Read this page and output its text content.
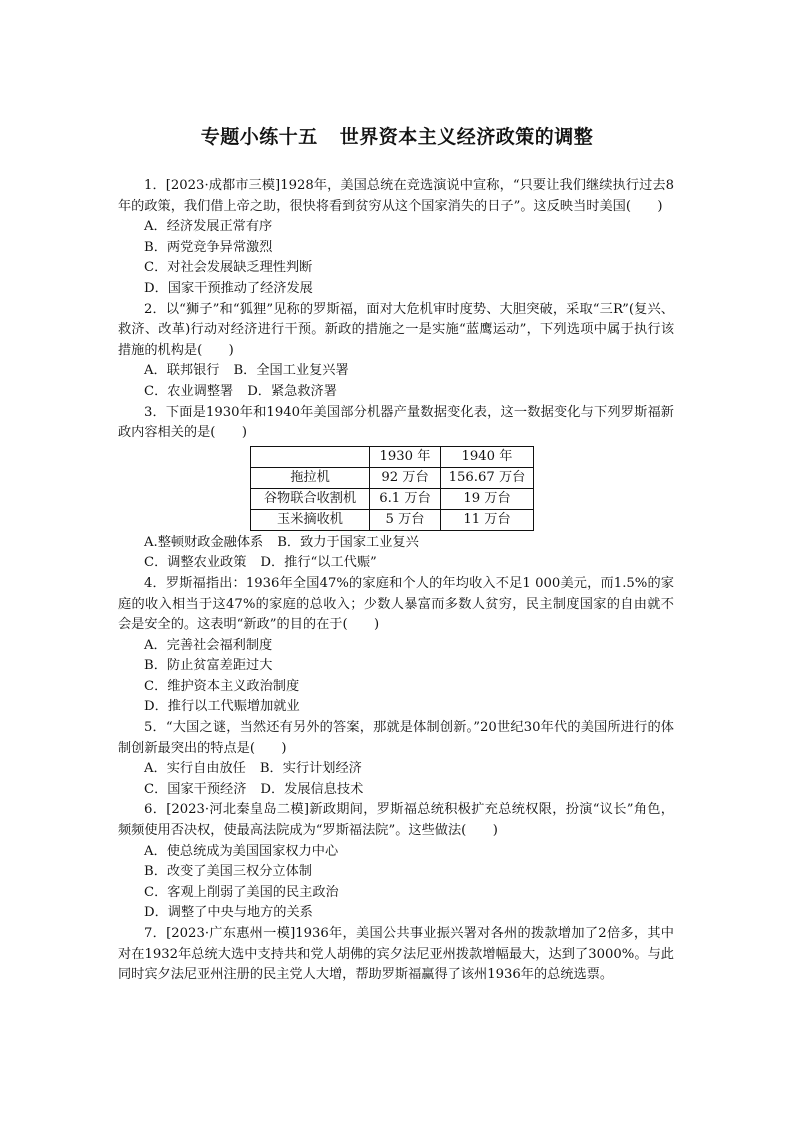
专题小练十五 世界资本主义经济政策的调整

1．[2023·成都市三模]1928年，美国总统在竞选演说中宣称，“只要让我们继续执行过去8年的政策，我们借上帝之助，很快将看到贫穷从这个国家消失的日子”。这反映当时美国(　　)

A．经济发展正常有序

B．两党竞争异常激烈

C．对社会发展缺乏理性判断

D．国家干预推动了经济发展

2．以“狮子”和“狐狸”见称的罗斯福，面对大危机审时度势、大胆突破，采取“三R”(复兴、救济、改革)行动对经济进行干预。新政的措施之一是实施“蓝鹰运动”，下列选项中属于执行该措施的机构是(　　)

A．联邦银行 B．全国工业复兴署

C．农业调整署 D．紧急救济署

3．下面是1930年和1940年美国部分机器产量数据变化表，这一数据变化与下列罗斯福新政内容相关的是(　　)

	1930 年	1940 年
拖拉机	92 万台	156.67 万台
谷物联合收割机	6.1 万台	19 万台
玉米摘收机	5 万台	11 万台

A.整顿财政金融体系 B．致力于国家工业复兴

C．调整农业政策 D．推行“以工代赈”

4．罗斯福指出：1936年全国47%的家庭和个人的年均收入不足1 000美元，而1.5%的家庭的收入相当于这47%的家庭的总收入；少数人暴富而多数人贫穷，民主制度国家的自由就不会是安全的。这表明“新政”的目的在于(　　)

A．完善社会福利制度

B．防止贫富差距过大

C．维护资本主义政治制度

D．推行以工代赈增加就业

5．“大国之谜，当然还有另外的答案，那就是体制创新。”20世纪30年代的美国所进行的体制创新最突出的特点是(　　)

A．实行自由放任 B．实行计划经济

C．国家干预经济 D．发展信息技术

6．[2023·河北秦皇岛二模]新政期间，罗斯福总统积极扩充总统权限，扮演“议长”角色，频频使用否决权，使最高法院成为“罗斯福法院”。这些做法(　　)

A．使总统成为美国国家权力中心

B．改变了美国三权分立体制

C．客观上削弱了美国的民主政治

D．调整了中央与地方的关系

7．[2023·广东惠州一模]1936年，美国公共事业振兴署对各州的拨款增加了2倍多，其中对在1932年总统大选中支持共和党人胡佛的宾夕法尼亚州拨款增幅最大，达到了3000%。与此同时宾夕法尼亚州注册的民主党人大增，帮助罗斯福赢得了该州1936年的总统选票。
